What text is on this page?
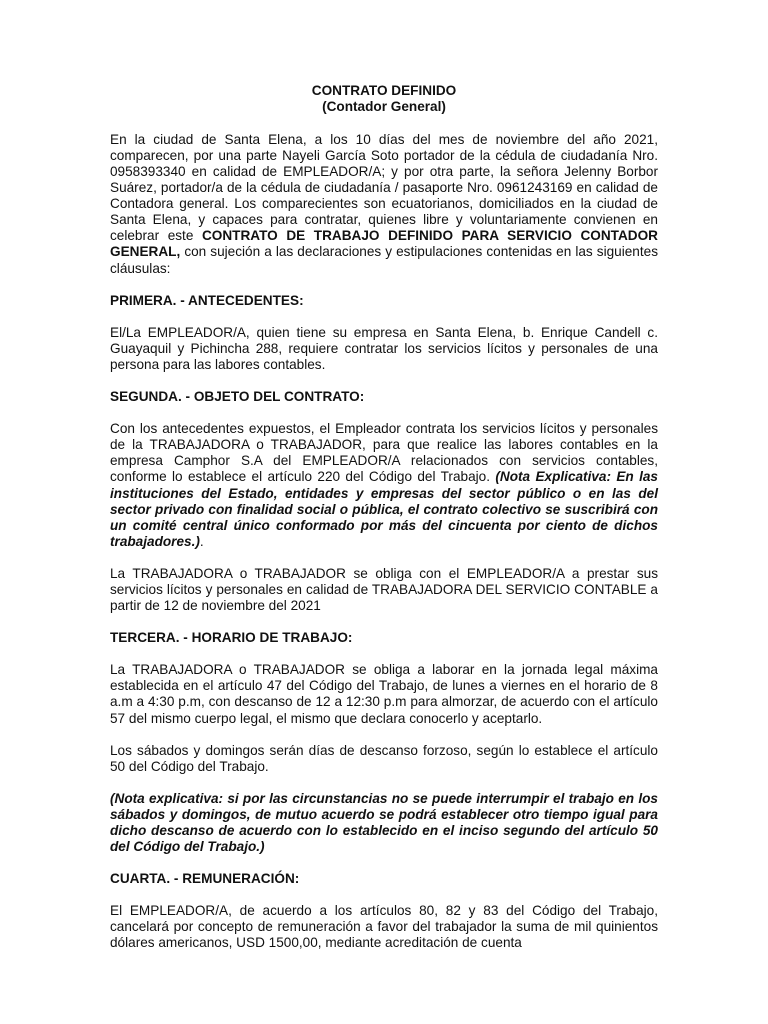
CONTRATO DEFINIDO
(Contador General)

En la ciudad de Santa Elena, a los 10 días del mes de noviembre del año 2021, comparecen, por una parte Nayeli García Soto portador de la cédula de ciudadanía Nro. 0958393340 en calidad de EMPLEADOR/A; y por otra parte, la señora Jelenny Borbor Suárez, portador/a de la cédula de ciudadanía / pasaporte Nro. 0961243169 en calidad de Contadora general. Los comparecientes son ecuatorianos, domiciliados en la ciudad de Santa Elena, y capaces para contratar, quienes libre y voluntariamente convienen en celebrar este CONTRATO DE TRABAJO DEFINIDO PARA SERVICIO CONTADOR GENERAL, con sujeción a las declaraciones y estipulaciones contenidas en las siguientes cláusulas:

PRIMERA. - ANTECEDENTES:

El/La EMPLEADOR/A, quien tiene su empresa en Santa Elena, b. Enrique Candell c. Guayaquil y Pichincha 288, requiere contratar los servicios lícitos y personales de una persona para las labores contables.

SEGUNDA. - OBJETO DEL CONTRATO:

Con los antecedentes expuestos, el Empleador contrata los servicios lícitos y personales de la TRABAJADORA o TRABAJADOR, para que realice las labores contables en la empresa Camphor S.A del EMPLEADOR/A relacionados con servicios contables, conforme lo establece el artículo 220 del Código del Trabajo. (Nota Explicativa: En las instituciones del Estado, entidades y empresas del sector público o en las del sector privado con finalidad social o pública, el contrato colectivo se suscribirá con un comité central único conformado por más del cincuenta por ciento de dichos trabajadores.).

La TRABAJADORA o TRABAJADOR se obliga con el EMPLEADOR/A a prestar sus servicios lícitos y personales en calidad de TRABAJADORA DEL SERVICIO CONTABLE a partir de 12 de noviembre del 2021

TERCERA. - HORARIO DE TRABAJO:

La TRABAJADORA o TRABAJADOR se obliga a laborar en la jornada legal máxima establecida en el artículo 47 del Código del Trabajo, de lunes a viernes en el horario de 8 a.m a 4:30 p.m, con descanso de 12 a 12:30 p.m para almorzar, de acuerdo con el artículo 57 del mismo cuerpo legal, el mismo que declara conocerlo y aceptarlo.

Los sábados y domingos serán días de descanso forzoso, según lo establece el artículo 50 del Código del Trabajo.

(Nota explicativa: si por las circunstancias no se puede interrumpir el trabajo en los sábados y domingos, de mutuo acuerdo se podrá establecer otro tiempo igual para dicho descanso de acuerdo con lo establecido en el inciso segundo del artículo 50 del Código del Trabajo.)

CUARTA. - REMUNERACIÓN:

El EMPLEADOR/A, de acuerdo a los artículos 80, 82 y 83 del Código del Trabajo, cancelará por concepto de remuneración a favor del trabajador la suma de mil quinientos dólares americanos, USD 1500,00, mediante acreditación de cuenta
